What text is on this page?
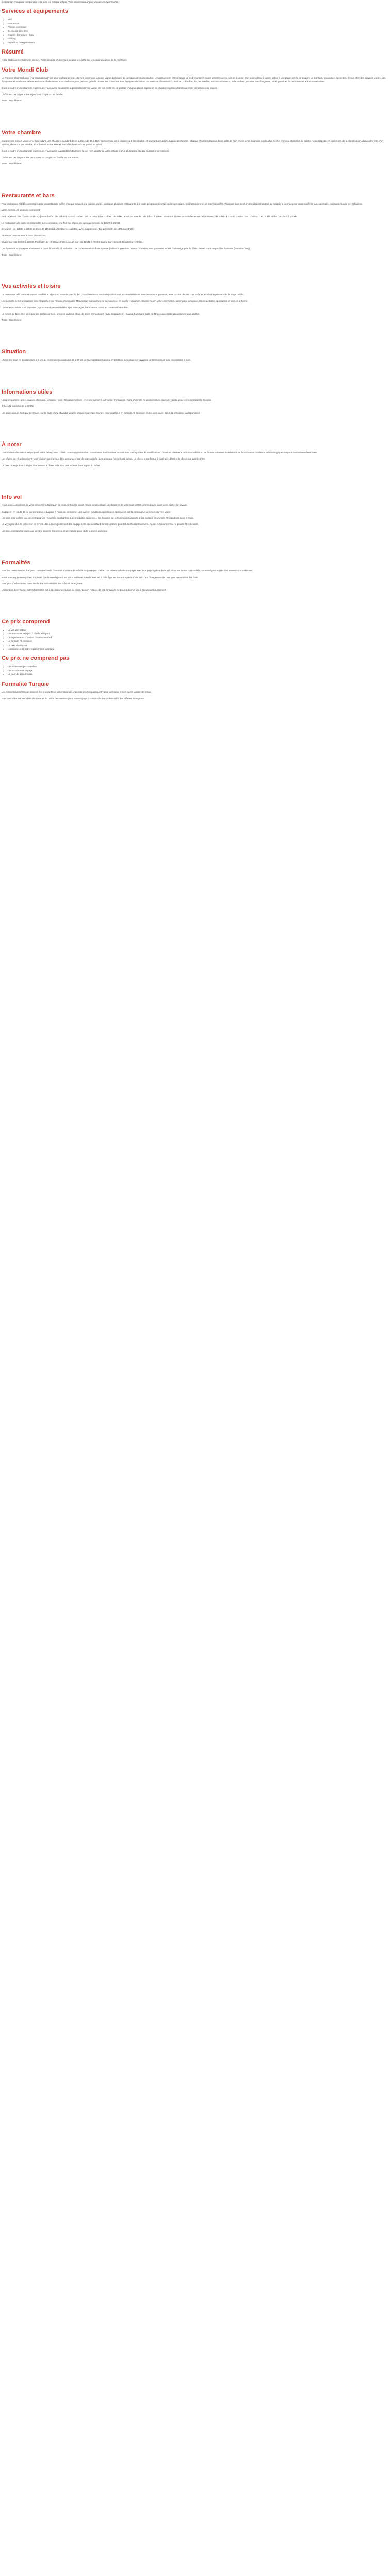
Description d'un point comparateur. Ce avis est comparatif par l'Avis Inspection Langue Voyageurs Avis Clients

Services et équipements
• Wifi
• Restaurant
• Piscine extérieure
• Centre de bien-être
• Ouvert - fermeture - Spa
• Parking
• Accueil et enregistrement
Résumé

Notre établissement de bord de mer, l'hôtel dispose d'une vue à couper le souffle sur les eaux turquoise de la mer Égée.

Votre Mondi Club

Le Premier Club Exclusive (Au International)* est situé en bord de mer, dans la commune cubaine la plus balnéaire de la station de Koutouloufari. L'établissement est composé de 313 chambres toutes décorées avec soin et dispose d'un accès direct à la mer grâce à une plage privée aménagée de transats, parasols et serviettes. Il vous offre des services variés, des équipements modernes et une ambiance chaleureuse et accueillante pour petits et grands. Toutes les chambres sont équipées de balcon ou terrasse, climatisation, minibar, coffre-fort, TV par satellite, séchoir à cheveux, salle de bain privative avec baignoire, Wi-Fi gratuit et de nombreuses autres commodités.

Dans le cadre d'une chambre supérieure, vous aurez également la possibilité de voir la mer de vos fenêtres, de profiter d'un plus grand espace et de plusieurs options d'aménagement en terrasse ou balcon.

L'hôtel est parfait pour des séjours en couple ou en famille.

Texte : supplément

Votre chambre

Durant votre séjour, vous serez logés dans une chambre standard d'une surface de 22 à 26m² comprenant un lit double ou 2 lits simples, et pouvant accueillir jusqu'à 3 personnes. Chaque chambre dispose d'une salle de bain privée avec baignoire ou douche, sèche-cheveux et articles de toilette. Vous disposerez également de la climatisation, d'un coffre-fort, d'un minibar, d'une TV par satellite, d'un balcon ou terrasse et d'un téléphone. Accès gratuit au Wi-Fi.

Dans le cadre d'une chambre supérieure, vous aurez la possibilité d'admirer la vue mer à partir de votre balcon et d'un plus grand espace (jusqu'à 4 personnes).

L'hôtel est parfait pour des personnes en couple, en famille ou entre amis.

Texte : supplément

Restaurants et bars

Pour vos repas, l'établissement propose un restaurant buffet principal servant une cuisine variée, ainsi que plusieurs restaurants à la carte proposant des spécialités grecques, méditerranéennes et internationales. Plusieurs bars sont à votre disposition tout au long de la journée pour vous rafraîchir avec cocktails, boissons chaudes et collations.

Votre formule All Inclusive comprend :

Petit déjeuner : de 7h00 à 10h00. Déjeuner buffet : de 12h30 à 14h30. Goûter : de 15h30 à 17h00. Dîner : de 19h00 à 21h30. Snacks : de 11h00 à 17h00. Boissons locales alcoolisées et non alcoolisées : de 10h00 à 23h00. Glaces : de 11h00 à 17h00. Café et thé : de 7h00 à 23h00.

Le restaurant à la carte est disponible sur réservation, une fois par séjour, du lundi au samedi, de 19h00 à 21h30.

Déjeuner : de 12h30 à 14h30 et dîner de 19h00 à 21h30 (service à table, avec supplément). Bar principal : de 10h00 à 23h00.

Plusieurs bars servent à votre disposition :

Snack-Bar : de 10h30 à 18h00. Pool bar : de 10h00 à 18h00. Lounge Bar : de 18h00 à 00h00. Lobby Bar : 24h/24. Beach Bar : 24h/24.

Les boissons et les repas sont compris dans la formule All Inclusive. Les consommations hors formule (boissons premium, vins en bouteille) sont payantes. Dress code exigé pour le dîner : tenue correcte pour les hommes (pantalon long).

Texte : supplément

Vos activités et loisirs

Le restaurant à la carte est ouvert pendant le séjour en formule Mondi Club ; l'établissement met à disposition une piscine extérieure avec transats et parasols, ainsi qu'une piscine pour enfants. Profitez également de la plage privée.

Les activités et les animations sont proposées par l'équipe d'animation Mondi Club tout au long de la journée et en soirée : aquagym, fitness, beach-volley, fléchettes, water-polo, pétanque, tennis de table, spectacles et soirées à thème.

Certaines activités sont payantes : sports nautiques motorisés, spa, massages, hammam et soins au centre de bien-être.

Le centre de bien-être, géré par des professionnels, propose un large choix de soins et massages (avec supplément) : sauna, hammam, salle de fitness accessible gratuitement aux adultes.

Texte : supplément

Situation

L'hôtel est situé en bord de mer, à 5 km du centre de Koutouloufari et à 27 km de l'aéroport international d'Héraklion. Les plages et tavernes de Hersonissos sont accessibles à pied.

Informations utiles

Langues parlées : grec, anglais, allemand. Monnaie : euro. Décalage horaire : +1h par rapport à la France. Formalités : carte d'identité ou passeport en cours de validité pour les ressortissants français.

Office du tourisme de la Grèce.

Les prix indiqués sont par personne, sur la base d'une chambre double occupée par 2 personnes, pour un séjour en formule All Inclusive. Ils peuvent varier selon la période et la disponibilité.

À noter

Un transfert aller-retour est proposé entre l'aéroport et l'hôtel. Durée approximative : 45 minutes. Les horaires de vols sont susceptibles de modification. L'hôtel se réserve le droit de modifier ou de fermer certaines installations en fonction des conditions météorologiques ou pour des raisons d'entretien.

Les règles de l'établissement : une caution pourra vous être demandée lors de votre arrivée. Les animaux ne sont pas admis. Le check-in s'effectue à partir de 14h00 et le check-out avant 12h00.

La taxe de séjour est à régler directement à l'hôtel, elle n'est pas incluse dans le prix du forfait.

Info vol

Nous vous conseillons de vous présenter à l'aéroport au moins 2 heures avant l'heure de décollage. Les horaires de vols vous seront communiqués dans votre carnet de voyage.

Bagages : en soute 20 kg par personne. 1 bagage à main par personne. Les tarifs et conditions spécifiques appliquées par la compagnie aérienne peuvent varier.

Les vols sont opérés par des compagnies régulières ou charters. La compagnie aérienne et les horaires de vol sont communiqués à titre indicatif et peuvent être modifiés sans préavis.

Le voyageur doit se présenter en temps utile à l'enregistrement des bagages. En cas de retard, le transporteur peut refuser l'embarquement. Aucun remboursement ne pourra être réclamé.

Les documents nécessaires au voyage doivent être en cours de validité pour toute la durée du séjour.

Formalités

Pour les ressortissants français : carte nationale d'identité en cours de validité ou passeport valide. Les mineurs doivent voyager avec leur propre pièce d'identité. Pour les autres nationalités, se renseigner auprès des autorités compétentes.

Nous vous rappelons qu'il est impératif que le nom figurant sur votre réservation soit identique à celui figurant sur votre pièce d'identité. Tout changement de nom pourra entraîner des frais.

Pour plus d'information, consulter le site du ministère des Affaires étrangères.

L'obtention des visas et autres formalités est à la charge exclusive du client. Le non-respect de ces formalités ne pourra donner lieu à aucun remboursement.

Ce prix comprend
• Le vol aller-retour
• Les transferts aéroport / hôtel / aéroport
• Le logement en chambre double standard
• La formule All Inclusive
• La taxe d'aéroport
• L'assistance de notre représentant sur place
Ce prix ne comprend pas
• Les dépenses personnelles
• Les assurances voyage
• La taxe de séjour locale
Formalité Turquie

Les ressortissants français doivent être munis d'une carte nationale d'identité ou d'un passeport valide au moins 6 mois après la date de retour.

Pour connaître les formalités de santé et de police nécessaires pour votre voyage, consultez le site du Ministère des Affaires étrangères.
